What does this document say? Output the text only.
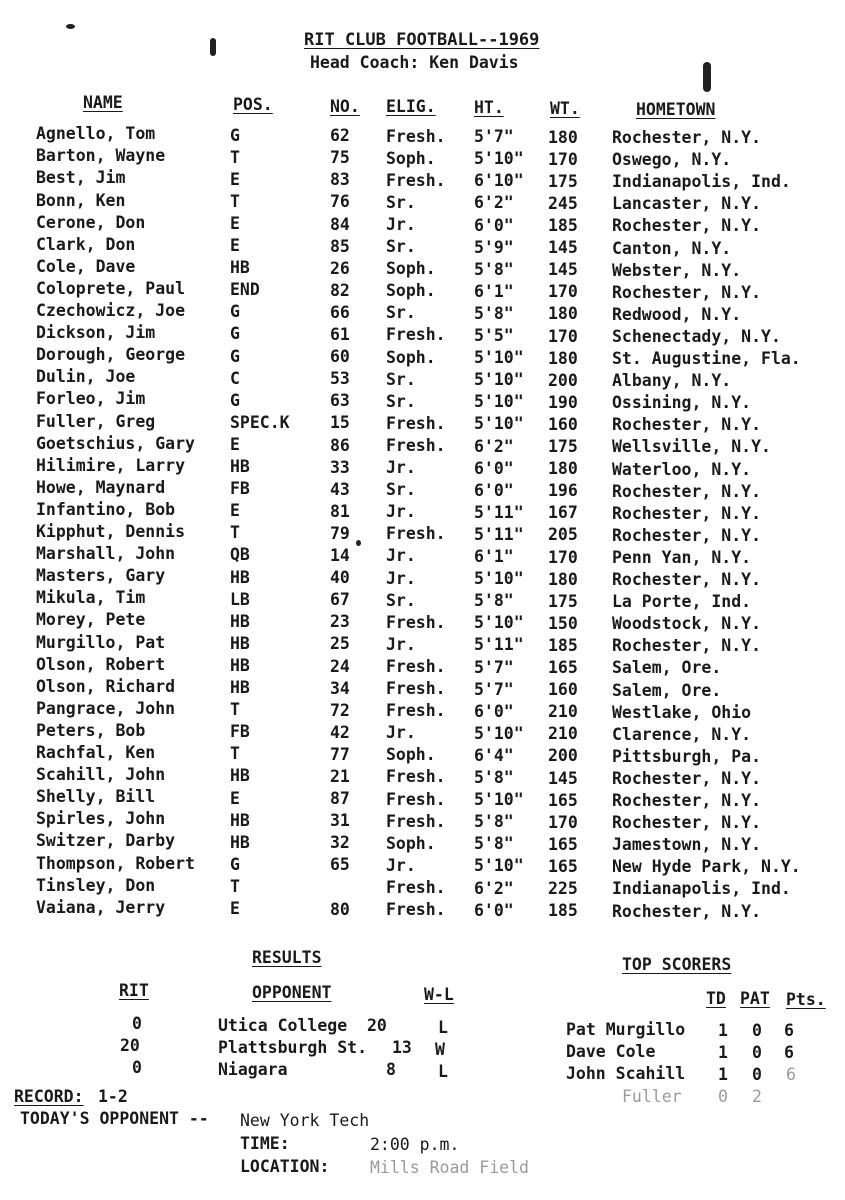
RIT CLUB FOOTBALL--1969
Head Coach: Ken Davis
NAME	POS.	NO. ELIG. HT.	WT.	HOMETOWN
Agnello, Tom	G	62 Fresh. 5'7" 180 Rochester, N.Y.
Barton, Wayne	T	75 Soph. 5'10" 170 Oswego, N.Y.
Best, Jim	E	83 Fresh. 6'10" 175 Indianapolis, Ind.
Bonn, Ken	T	76 Sr.	6'2" 245 Lancaster, N.Y.
Cerone, Don	E	84 Jr.	6'0" 185 Rochester, N.Y.
Clark, Don	E	85 Sr.	5'9" 145 Canton, N.Y.
Cole, Dave	HB	26 Soph. 5'8" 145 Webster, N.Y.
Coloprete, Paul	END	82 Soph. 6'1" 170 Rochester, N.Y.
Czechowicz, Joe	G	66 Sr.	5'8" 180 Redwood, N.Y.
Dickson, Jim	G	61 Fresh. 5'5" 170 Schenectady, N.Y.
Dorough, George	G	60 Soph. 5'10" 180 St. Augustine, Fla.
Dulin, Joe	C	53 Sr.	5'10" 200 Albany, N.Y.
Forleo, Jim	G	63 Sr.	5'10" 190 Ossining, N.Y.
Fuller, Greg	SPEC.K 15 Fresh. 5'10" 160 Rochester, N.Y.
Goetschius, Gary E	86 Fresh. 6'2" 175 Wellsville, N.Y.
Hilimire, Larry	HB	33 Jr.	6'0" 180 Waterloo, N.Y.
Howe, Maynard	FB	43 Sr.	6'0" 196 Rochester, N.Y.
Infantino, Bob	E	81 Jr.	5'11" 167 Rochester, N.Y.
Kipphut, Dennis	T	79 Fresh. 5'11" 205 Rochester, N.Y.
Marshall, John	QB	14 Jr.	6'1" 170 Penn Yan, N.Y.
Masters, Gary	HB	40 Jr.	5'10" 180 Rochester, N.Y.
Mikula, Tim	LB	67 Sr.	5'8" 175 La Porte, Ind.
Morey, Pete	HB	23 Fresh. 5'10" 150 Woodstock, N.Y.
Murgillo, Pat	HB	25 Jr.	5'11" 185 Rochester, N.Y.
Olson, Robert	HB	24 Fresh. 5'7" 165 Salem, Ore.
Olson, Richard	HB	34 Fresh. 5'7" 160 Salem, Ore.
Pangrace, John	T	72 Fresh. 6'0" 210 Westlake, Ohio
Peters, Bob	FB	42 Jr.	5'10" 210 Clarence, N.Y.
Rachfal, Ken	T	77 Soph. 6'4" 200 Pittsburgh, Pa.
Scahill, John	HB	21 Fresh. 5'8" 145 Rochester, N.Y.
Shelly, Bill	E	87 Fresh. 5'10" 165 Rochester, N.Y.
Spirles, John	HB	31 Fresh. 5'8" 170 Rochester, N.Y.
Switzer, Darby	HB	32 Soph. 5'8" 165 Jamestown, N.Y.
Thompson, Robert G	65 Jr.	5'10" 165 New Hyde Park, N.Y.
Tinsley, Don	T	Fresh. 6'2" 225 Indianapolis, Ind.
Vaiana, Jerry	E	80 Fresh. 6'0" 185 Rochester, N.Y.
RESULTS
RIT	OPPONENT	W-L
0	Utica College 20	L
20	Plattsburgh St. 13 W
0	Niagara	8	L
TOP SCORERS
TD PAT Pts.
Pat Murgillo 1 0 6
Dave Cole	1 0 6
John Scahill 1 0 6
Fuller 0 2
RECORD: 1-2
TODAY'S OPPONENT -- New York Tech
TIME:	2:00 p.m.
LOCATION: Mills Road Field
